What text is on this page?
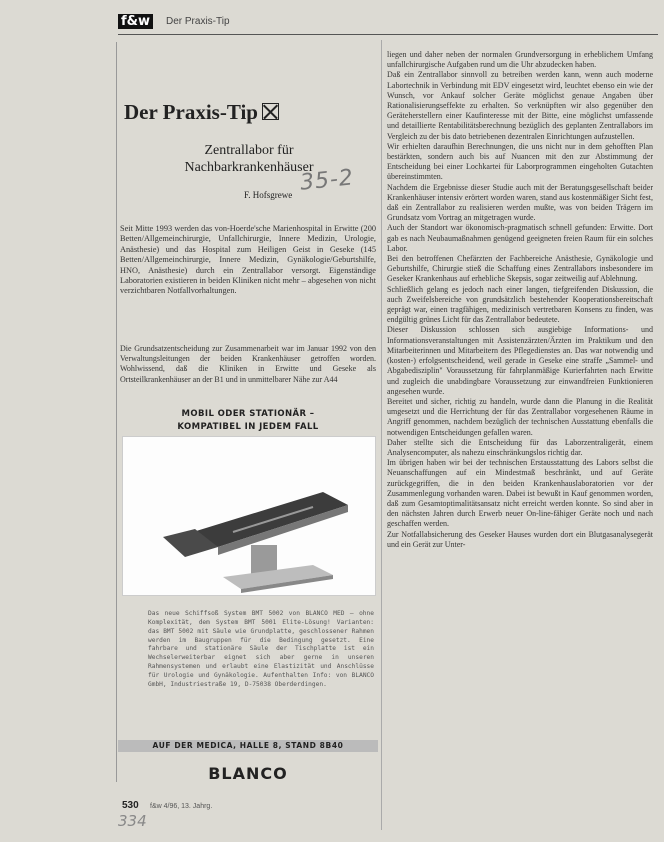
f&w	Der Praxis-Tip
Der Praxis-Tip
Zentrallabor für
Nachbarkrankenhäuser
F. Hofsgrewe 35-2

Seit Mitte 1993 werden das von-Hoerde'sche Marienhospital in Erwitte (200 Betten/Allgemeinchirurgie, Unfallchirurgie, Innere Medizin, Urologie, Anästhesie) und das Hospital zum Heiligen Geist in Geseke (145 Betten/Allgemeinchirurgie, Innere Medizin, Gynäkologie/Geburtshilfe, HNO, Anästhesie) durch ein Zentrallabor versorgt. Eigenständige Laboratorien existieren in beiden Kliniken nicht mehr – abgesehen von nicht verzichtbaren Notfallvorhaltungen.

Die Grundsatzentscheidung zur Zusammenarbeit war im Januar 1992 von den Verwaltungsleitungen der beiden Krankenhäuser getroffen worden. Wohlwissend, daß die Kliniken in Erwitte und Geseke als Ortsteilkrankenhäuser an der B1 und in unmittelbarer Nähe zur A44

MOBIL ODER STATIONÄR –
KOMPATIBEL IN JEDEM FALL

Das neue Schiffsoß System BMT 5002 von BLANCO MED – ohne Komplexität, dem System BMT 5001 Elite-Lösung! Varianten: das BMT 5002 mit Säule wie Grundplatte, geschlossener Rahmen werden im Baugruppen für die Bedingung gesetzt. Eine fahrbare und stationäre Säule der Tischplatte ist ein Wechselerweiterbar eignet sich aber gerne in unseren Rahmensystemen und erlaubt eine Elastizität und Anschlüsse für Urologie und Gynäkologie. Aufenthalten Info: von BLANCO GmbH, Industriestraße 19, D-75038 Oberderdingen.

AUF DER MEDICA, HALLE 8, STAND 8B40
BLANCO
530 f&w 4/96, 13. Jahrg.
334

liegen und daher neben der normalen Grundversorgung in erheblichem Umfang unfallchirurgische Aufgaben rund um die Uhr abzudecken haben.

Daß ein Zentrallabor sinnvoll zu betreiben werden kann, wenn auch moderne Labortechnik in Verbindung mit EDV eingesetzt wird, leuchtet ebenso ein wie der Wunsch, vor Ankauf solcher Geräte möglichst genaue Angaben über Rationalisierungseffekte zu erhalten. So verknüpften wir also gegenüber den Geräteherstellern einer Kaufinteresse mit der Bitte, eine möglichst umfassende und detaillierte Rentabilitätsberechnung bezüglich des geplanten Zentrallabors im Vergleich zu der bis dato betriebenen dezentralen Einrichtungen aufzustellen.

Wir erhielten daraufhin Berechnungen, die uns nicht nur in dem gehofften Plan bestärkten, sondern auch bis auf Nuancen mit den zur Abstimmung der Entscheidung bei einer Lochkartei für Laborprogrammen eingeholten Gutachten übereinstimmten.

Nachdem die Ergebnisse dieser Studie auch mit der Beratungsgesellschaft beider Krankenhäuser intensiv erörtert worden waren, stand aus kostenmäßiger Sicht fest, daß ein Zentrallabor zu realisieren werden mußte, was von beiden Trägern im Grundsatz vom Vortrag an mitgetragen wurde.

Auch der Standort war ökonomisch-pragmatisch schnell gefunden: Erwitte. Dort gab es nach Neubaumaßnahmen genügend geeigneten freien Raum für ein solches Labor.

Bei den betroffenen Chefärzten der Fachbereiche Anästhesie, Gynäkologie und Geburtshilfe, Chirurgie stieß die Schaffung eines Zentrallabors insbesondere im Geseker Krankenhaus auf erhebliche Skepsis, sogar zeitweilig auf Ablehnung.

Schließlich gelang es jedoch nach einer langen, tiefgreifenden Diskussion, die auch Zweifelsbereiche von grundsätzlich bestehender Kooperationsbereitschaft geprägt war, einen tragfähigen, medizinisch vertretbaren Konsens zu finden, was endgültig grünes Licht für das Zentrallabor bedeutete.

Dieser Diskussion schlossen sich ausgiebige Informations- und Informationsveranstaltungen mit Assistenzärzten/Ärzten im Praktikum und den Mitarbeiterinnen und Mitarbeitern des Pflegedienstes an. Das war notwendig und (kosten-) erfolgsentscheidend, weil gerade in Geseke eine straffe „Sammel- und Abgabedisziplin" Voraussetzung für fahrplanmäßige Kurierfahrten nach Erwitte und zugleich die unabdingbare Voraussetzung zur einwandfreien Funktionieren angesehen wurde.

Bereitet und sicher, richtig zu handeln, wurde dann die Planung in die Realität umgesetzt und die Herrichtung der für das Zentrallabor vorgesehenen Räume in Angriff genommen, nachdem bezüglich der technischen Ausstattung ebenfalls die notwendigen Entscheidungen gefallen waren.

Daher stellte sich die Entscheidung für das Laborzentraligerät, einem Analysencomputer, als nahezu einschränkungslos richtig dar.

Im übrigen haben wir bei der technischen Erstausstattung des Labors selbst die Neuanschaffungen auf ein Mindestmaß beschränkt, und auf Geräte zurückgegriffen, die in den beiden Krankenhauslaboratorien vor der Zusammenlegung vorhanden waren. Dabei ist bewußt in Kauf genommen worden, daß zum Gesamtoptimalitätsansatz nicht erreicht werden konnte. So sind aber in den nächsten Jahren durch Erwerb neuer On-line-fähiger Geräte noch und nach geschaffen werden.

Zur Notfallabsicherung des Geseker Hauses wurden dort ein Blutgasanalysegerät und ein Gerät zur Unter-
